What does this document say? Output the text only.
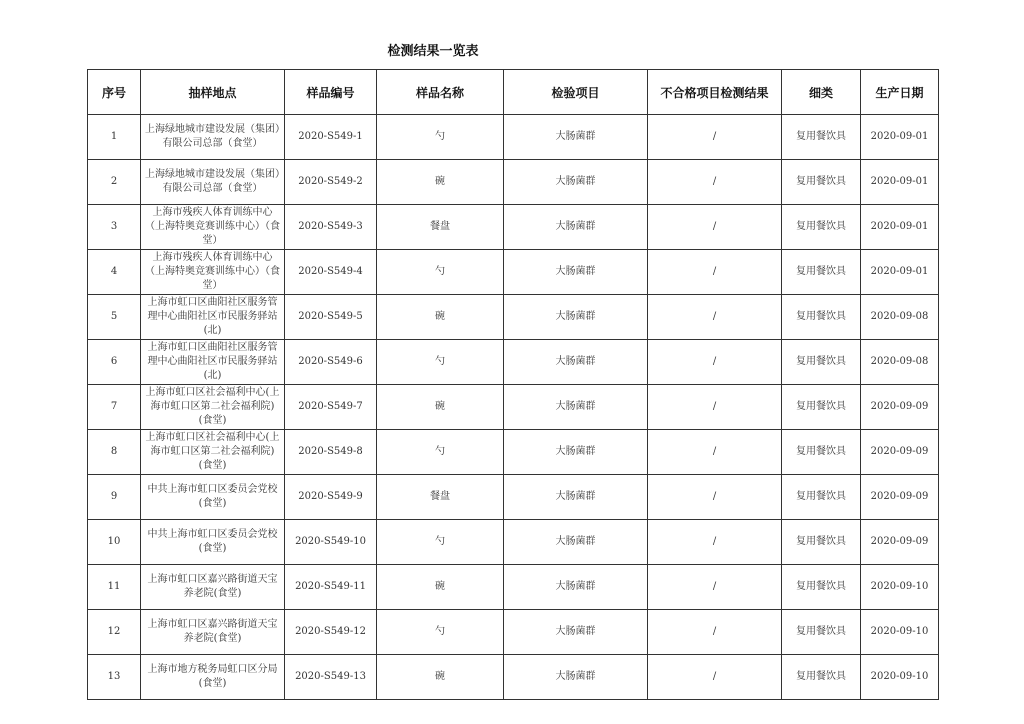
检测结果一览表
序号	抽样地点	样品编号	样品名称	检验项目	不合格项目检测结果	细类	生产日期
1	上海绿地城市建设发展（集团）有限公司总部（食堂）	2020-S549-1	勺	大肠菌群	/	复用餐饮具	2020-09-01
2	上海绿地城市建设发展（集团）有限公司总部（食堂）	2020-S549-2	碗	大肠菌群	/	复用餐饮具	2020-09-01
3	上海市残疾人体育训练中心（上海特奥竞赛训练中心）（食堂）	2020-S549-3	餐盘	大肠菌群	/	复用餐饮具	2020-09-01
4	上海市残疾人体育训练中心（上海特奥竞赛训练中心）（食堂）	2020-S549-4	勺	大肠菌群	/	复用餐饮具	2020-09-01
5	上海市虹口区曲阳社区服务管理中心曲阳社区市民服务驿站(北)	2020-S549-5	碗	大肠菌群	/	复用餐饮具	2020-09-08
6	上海市虹口区曲阳社区服务管理中心曲阳社区市民服务驿站(北)	2020-S549-6	勺	大肠菌群	/	复用餐饮具	2020-09-08
7	上海市虹口区社会福利中心(上海市虹口区第二社会福利院)(食堂)	2020-S549-7	碗	大肠菌群	/	复用餐饮具	2020-09-09
8	上海市虹口区社会福利中心(上海市虹口区第二社会福利院)(食堂)	2020-S549-8	勺	大肠菌群	/	复用餐饮具	2020-09-09
9	中共上海市虹口区委员会党校(食堂)	2020-S549-9	餐盘	大肠菌群	/	复用餐饮具	2020-09-09
10	中共上海市虹口区委员会党校(食堂)	2020-S549-10	勺	大肠菌群	/	复用餐饮具	2020-09-09
11	上海市虹口区嘉兴路街道天宝养老院(食堂)	2020-S549-11	碗	大肠菌群	/	复用餐饮具	2020-09-10
12	上海市虹口区嘉兴路街道天宝养老院(食堂)	2020-S549-12	勺	大肠菌群	/	复用餐饮具	2020-09-10
13	上海市地方税务局虹口区分局(食堂)	2020-S549-13	碗	大肠菌群	/	复用餐饮具	2020-09-10
